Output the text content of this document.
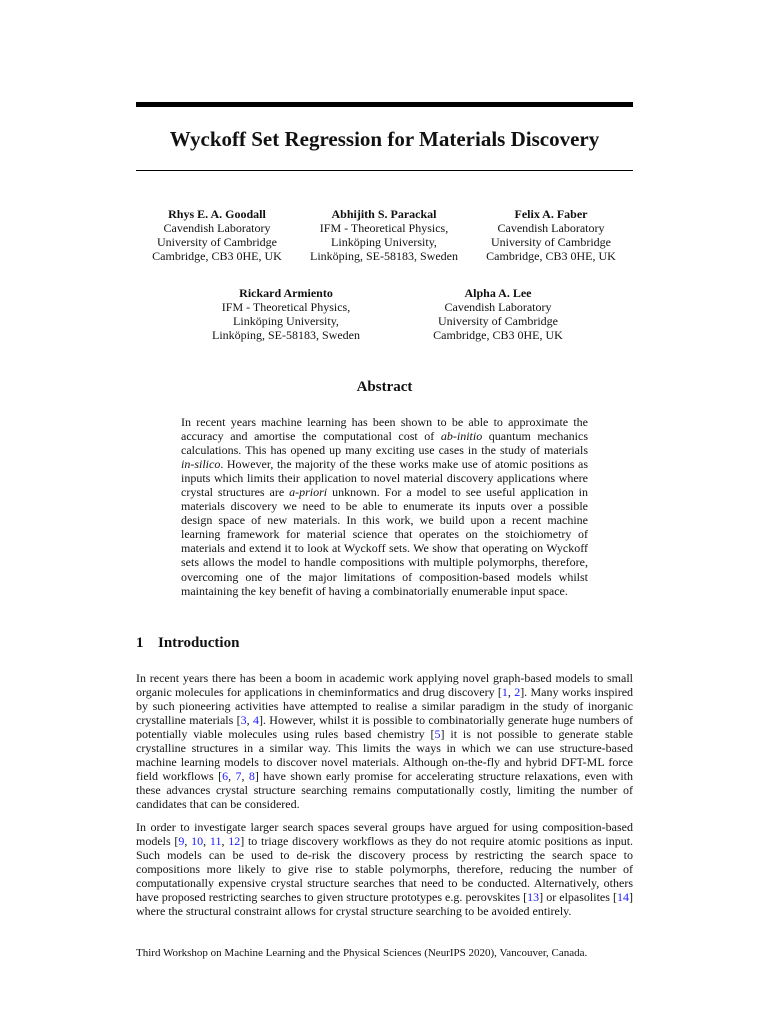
Wyckoff Set Regression for Materials Discovery
Rhys E. A. Goodall
Cavendish Laboratory
University of Cambridge
Cambridge, CB3 0HE, UK
Abhijith S. Parackal
IFM - Theoretical Physics,
Linköping University,
Linköping, SE-58183, Sweden
Felix A. Faber
Cavendish Laboratory
University of Cambridge
Cambridge, CB3 0HE, UK
Rickard Armiento
IFM - Theoretical Physics,
Linköping University,
Linköping, SE-58183, Sweden
Alpha A. Lee
Cavendish Laboratory
University of Cambridge
Cambridge, CB3 0HE, UK
Abstract

In recent years machine learning has been shown to be able to approximate the accuracy and amortise the computational cost of ab-initio quantum mechanics calculations. This has opened up many exciting use cases in the study of materials in-silico. However, the majority of the these works make use of atomic positions as inputs which limits their application to novel material discovery applications where crystal structures are a-priori unknown. For a model to see useful application in materials discovery we need to be able to enumerate its inputs over a possible design space of new materials. In this work, we build upon a recent machine learning framework for material science that operates on the stoichiometry of materials and extend it to look at Wyckoff sets. We show that operating on Wyckoff sets allows the model to handle compositions with multiple polymorphs, therefore, overcoming one of the major limitations of composition-based models whilst maintaining the key benefit of having a combinatorially enumerable input space.

1 Introduction

In recent years there has been a boom in academic work applying novel graph-based models to small organic molecules for applications in cheminformatics and drug discovery [1, 2]. Many works inspired by such pioneering activities have attempted to realise a similar paradigm in the study of inorganic crystalline materials [3, 4]. However, whilst it is possible to combinatorially generate huge numbers of potentially viable molecules using rules based chemistry [5] it is not possible to generate stable crystalline structures in a similar way. This limits the ways in which we can use structure-based machine learning models to discover novel materials. Although on-the-fly and hybrid DFT-ML force field workflows [6, 7, 8] have shown early promise for accelerating structure relaxations, even with these advances crystal structure searching remains computationally costly, limiting the number of candidates that can be considered.

In order to investigate larger search spaces several groups have argued for using composition-based models [9, 10, 11, 12] to triage discovery workflows as they do not require atomic positions as input. Such models can be used to de-risk the discovery process by restricting the search space to compositions more likely to give rise to stable polymorphs, therefore, reducing the number of computationally expensive crystal structure searches that need to be conducted. Alternatively, others have proposed restricting searches to given structure prototypes e.g. perovskites [13] or elpasolites [14] where the structural constraint allows for crystal structure searching to be avoided entirely.

Third Workshop on Machine Learning and the Physical Sciences (NeurIPS 2020), Vancouver, Canada.
